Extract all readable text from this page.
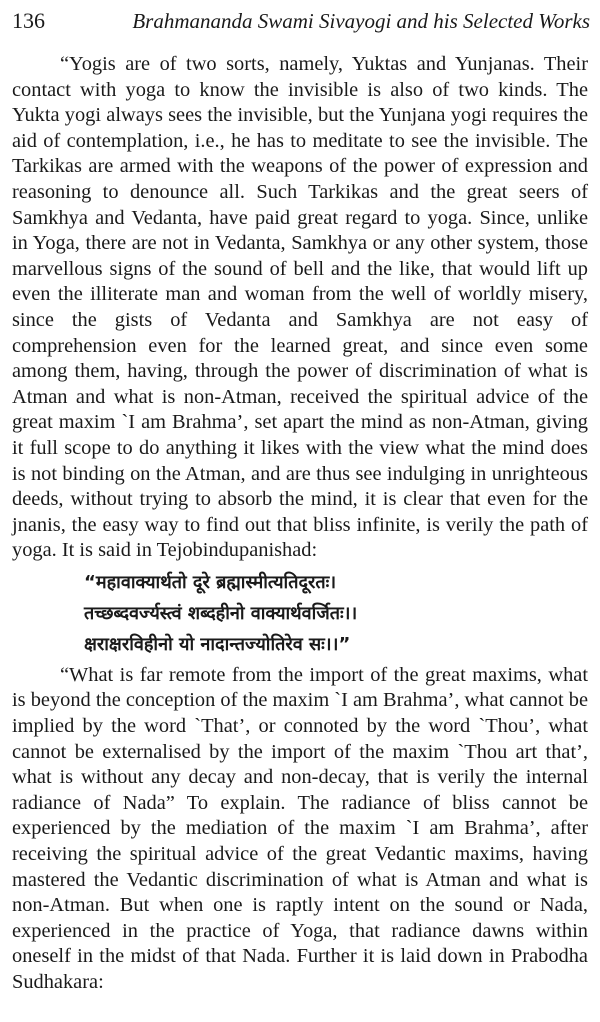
136	Brahmananda Swami Sivayogi and his Selected Works

“Yogis are of two sorts, namely, Yuktas and Yunjanas. Their contact with yoga to know the invisible is also of two kinds. The Yukta yogi always sees the invisible, but the Yunjana yogi requires the aid of contemplation, i.e., he has to meditate to see the invisible. The Tarkikas are armed with the weapons of the power of expression and reasoning to denounce all. Such Tarkikas and the great seers of Samkhya and Vedanta, have paid great regard to yoga. Since, unlike in Yoga, there are not in Vedanta, Samkhya or any other system, those marvellous signs of the sound of bell and the like, that would lift up even the illiterate man and woman from the well of worldly misery, since the gists of Vedanta and Samkhya are not easy of comprehension even for the learned great, and since even some among them, having, through the power of discrimination of what is Atman and what is non-Atman, received the spiritual advice of the great maxim `I am Brahma’, set apart the mind as non-Atman, giving it full scope to do anything it likes with the view what the mind does is not binding on the Atman, and are thus see indulging in unrighteous deeds, without trying to absorb the mind, it is clear that even for the jnanis, the easy way to find out that bliss infinite, is verily the path of yoga. It is said in Tejobindupanishad:

“महावाक्यार्थतो दूरे ब्रह्मास्मीत्यतिदूरतः।
तच्छब्दवर्ज्यस्त्वं शब्दहीनो वाक्यार्थवर्जितः।।
क्षराक्षरविहीनो यो नादान्तज्योतिरेव सः।।”

“What is far remote from the import of the great maxims, what is beyond the conception of the maxim `I am Brahma’, what cannot be implied by the word `That’, or connoted by the word `Thou’, what cannot be externalised by the import of the maxim `Thou art that’, what is without any decay and non-decay, that is verily the internal radiance of Nada” To explain. The radiance of bliss cannot be experienced by the mediation of the maxim `I am Brahma’, after receiving the spiritual advice of the great Vedantic maxims, having mastered the Vedantic discrimination of what is Atman and what is non-Atman. But when one is raptly intent on the sound or Nada, experienced in the practice of Yoga, that radiance dawns within oneself in the midst of that Nada. Further it is laid down in Prabodha Sudhakara:
